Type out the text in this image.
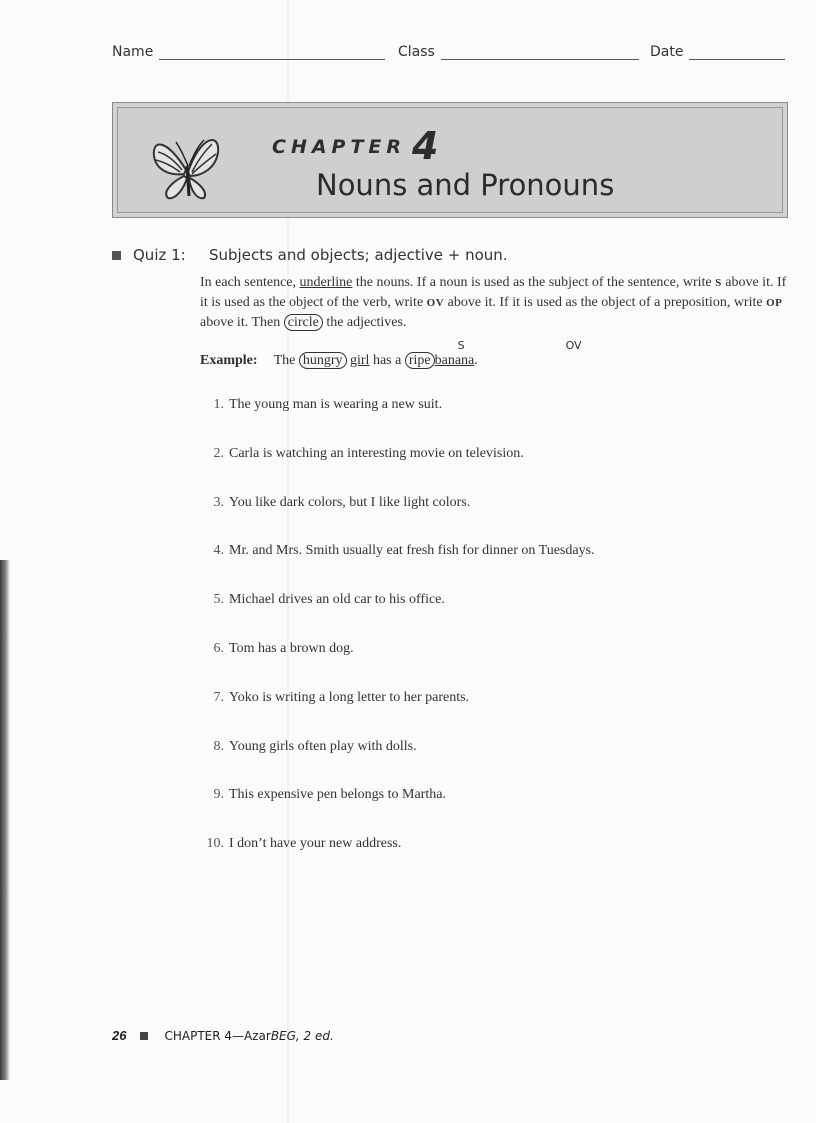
Name	Class	Date
CHAPTER 4
Nouns and Pronouns
Quiz 1:	Subjects and objects; adjective + noun.
In each sentence, underline the nouns. If a noun is used as the subject of the sentence, write S above it. If it is used as the object of the verb, write OV above it. If it is used as the object of a preposition, write OP above it. Then circle the adjectives.
Example:
S	OV
The hungry girl has a ripe banana.
1. The young man is wearing a new suit.
2. Carla is watching an interesting movie on television.
3. You like dark colors, but I like light colors.
4. Mr. and Mrs. Smith usually eat fresh fish for dinner on Tuesdays.
5. Michael drives an old car to his office.
6. Tom has a brown dog.
7. Yoko is writing a long letter to her parents.
8. Young girls often play with dolls.
9. This expensive pen belongs to Martha.
10. I don’t have your new address.
26	CHAPTER 4—Azar BEG, 2 ed.
